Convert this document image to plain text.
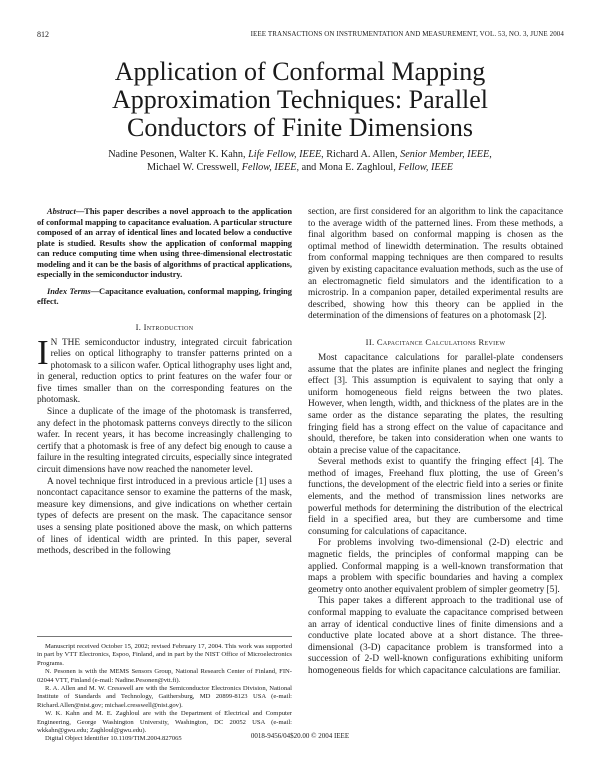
812	IEEE TRANSACTIONS ON INSTRUMENTATION AND MEASUREMENT, VOL. 53, NO. 3, JUNE 2004
Application of Conformal Mapping
Approximation Techniques: Parallel
Conductors of Finite Dimensions
Nadine Pesonen, Walter K. Kahn, Life Fellow, IEEE, Richard A. Allen, Senior Member, IEEE,
Michael W. Cresswell, Fellow, IEEE, and Mona E. Zaghloul, Fellow, IEEE

Abstract—This paper describes a novel approach to the application of conformal mapping to capacitance evaluation. A particular structure composed of an array of identical lines and located below a conductive plate is studied. Results show the application of conformal mapping can reduce computing time when using three-dimensional electrostatic modeling and it can be the basis of algorithms of practical applications, especially in the semiconductor industry.

Index Terms—Capacitance evaluation, conformal mapping, fringing effect.

I. Introduction

I N THE semiconductor industry, integrated circuit fabrication relies on optical lithography to transfer patterns printed on a photomask to a silicon wafer. Optical lithography uses light and, in general, reduction optics to print features on the wafer four or five times smaller than on the corresponding features on the photomask.

Since a duplicate of the image of the photomask is transferred, any defect in the photomask patterns conveys directly to the silicon wafer. In recent years, it has become increasingly challenging to certify that a photomask is free of any defect big enough to cause a failure in the resulting integrated circuits, especially since integrated circuit dimensions have now reached the nanometer level.

A novel technique first introduced in a previous article [1] uses a noncontact capacitance sensor to examine the patterns of the mask, measure key dimensions, and give indications on whether certain types of defects are present on the mask. The capacitance sensor uses a sensing plate positioned above the mask, on which patterns of lines of identical width are printed. In this paper, several methods, described in the following

Manuscript received October 15, 2002; revised February 17, 2004. This work was supported in part by VTT Electronics, Espoo, Finland, and in part by the NIST Office of Microelectronics Programs.

N. Pesonen is with the MEMS Sensors Group, National Research Center of Finland, FIN-02044 VTT, Finland (e-mail: Nadine.Pesonen@vtt.fi).

R. A. Allen and M. W. Cresswell are with the Semiconductor Electronics Division, National Institute of Standards and Technology, Gaithersburg, MD 20899-8123 USA (e-mail: Richard.Allen@nist.gov; michael.cresswell@nist.gov).

W. K. Kahn and M. E. Zaghloul are with the Department of Electrical and Computer Engineering, George Washington University, Washington, DC 20052 USA (e-mail: wkkahn@gwu.edu; Zaghloul@gwu.edu).

Digital Object Identifier 10.1109/TIM.2004.827065

section, are first considered for an algorithm to link the capacitance to the average width of the patterned lines. From these methods, a final algorithm based on conformal mapping is chosen as the optimal method of linewidth determination. The results obtained from conformal mapping techniques are then compared to results given by existing capacitance evaluation methods, such as the use of an electromagnetic field simulators and the identification to a microstrip. In a companion paper, detailed experimental results are described, showing how this theory can be applied in the determination of the dimensions of features on a photomask [2].

II. Capacitance Calculations Review

Most capacitance calculations for parallel-plate condensers assume that the plates are infinite planes and neglect the fringing effect [3]. This assumption is equivalent to saying that only a uniform homogeneous field reigns between the two plates. However, when length, width, and thickness of the plates are in the same order as the distance separating the plates, the resulting fringing field has a strong effect on the value of capacitance and should, therefore, be taken into consideration when one wants to obtain a precise value of the capacitance.

Several methods exist to quantify the fringing effect [4]. The method of images, Freehand flux plotting, the use of Green’s functions, the development of the electric field into a series or finite elements, and the method of transmission lines networks are powerful methods for determining the distribution of the electrical field in a specified area, but they are cumbersome and time consuming for calculations of capacitance.

For problems involving two-dimensional (2-D) electric and magnetic fields, the principles of conformal mapping can be applied. Conformal mapping is a well-known transformation that maps a problem with specific boundaries and having a complex geometry onto another equivalent problem of simpler geometry [5].

This paper takes a different approach to the traditional use of conformal mapping to evaluate the capacitance comprised between an array of identical conductive lines of finite dimensions and a conductive plate located above at a short distance. The three-dimensional (3-D) capacitance problem is transformed into a succession of 2-D well-known configurations exhibiting uniform homogeneous fields for which capacitance calculations are familiar.

0018-9456/04$20.00 © 2004 IEEE
